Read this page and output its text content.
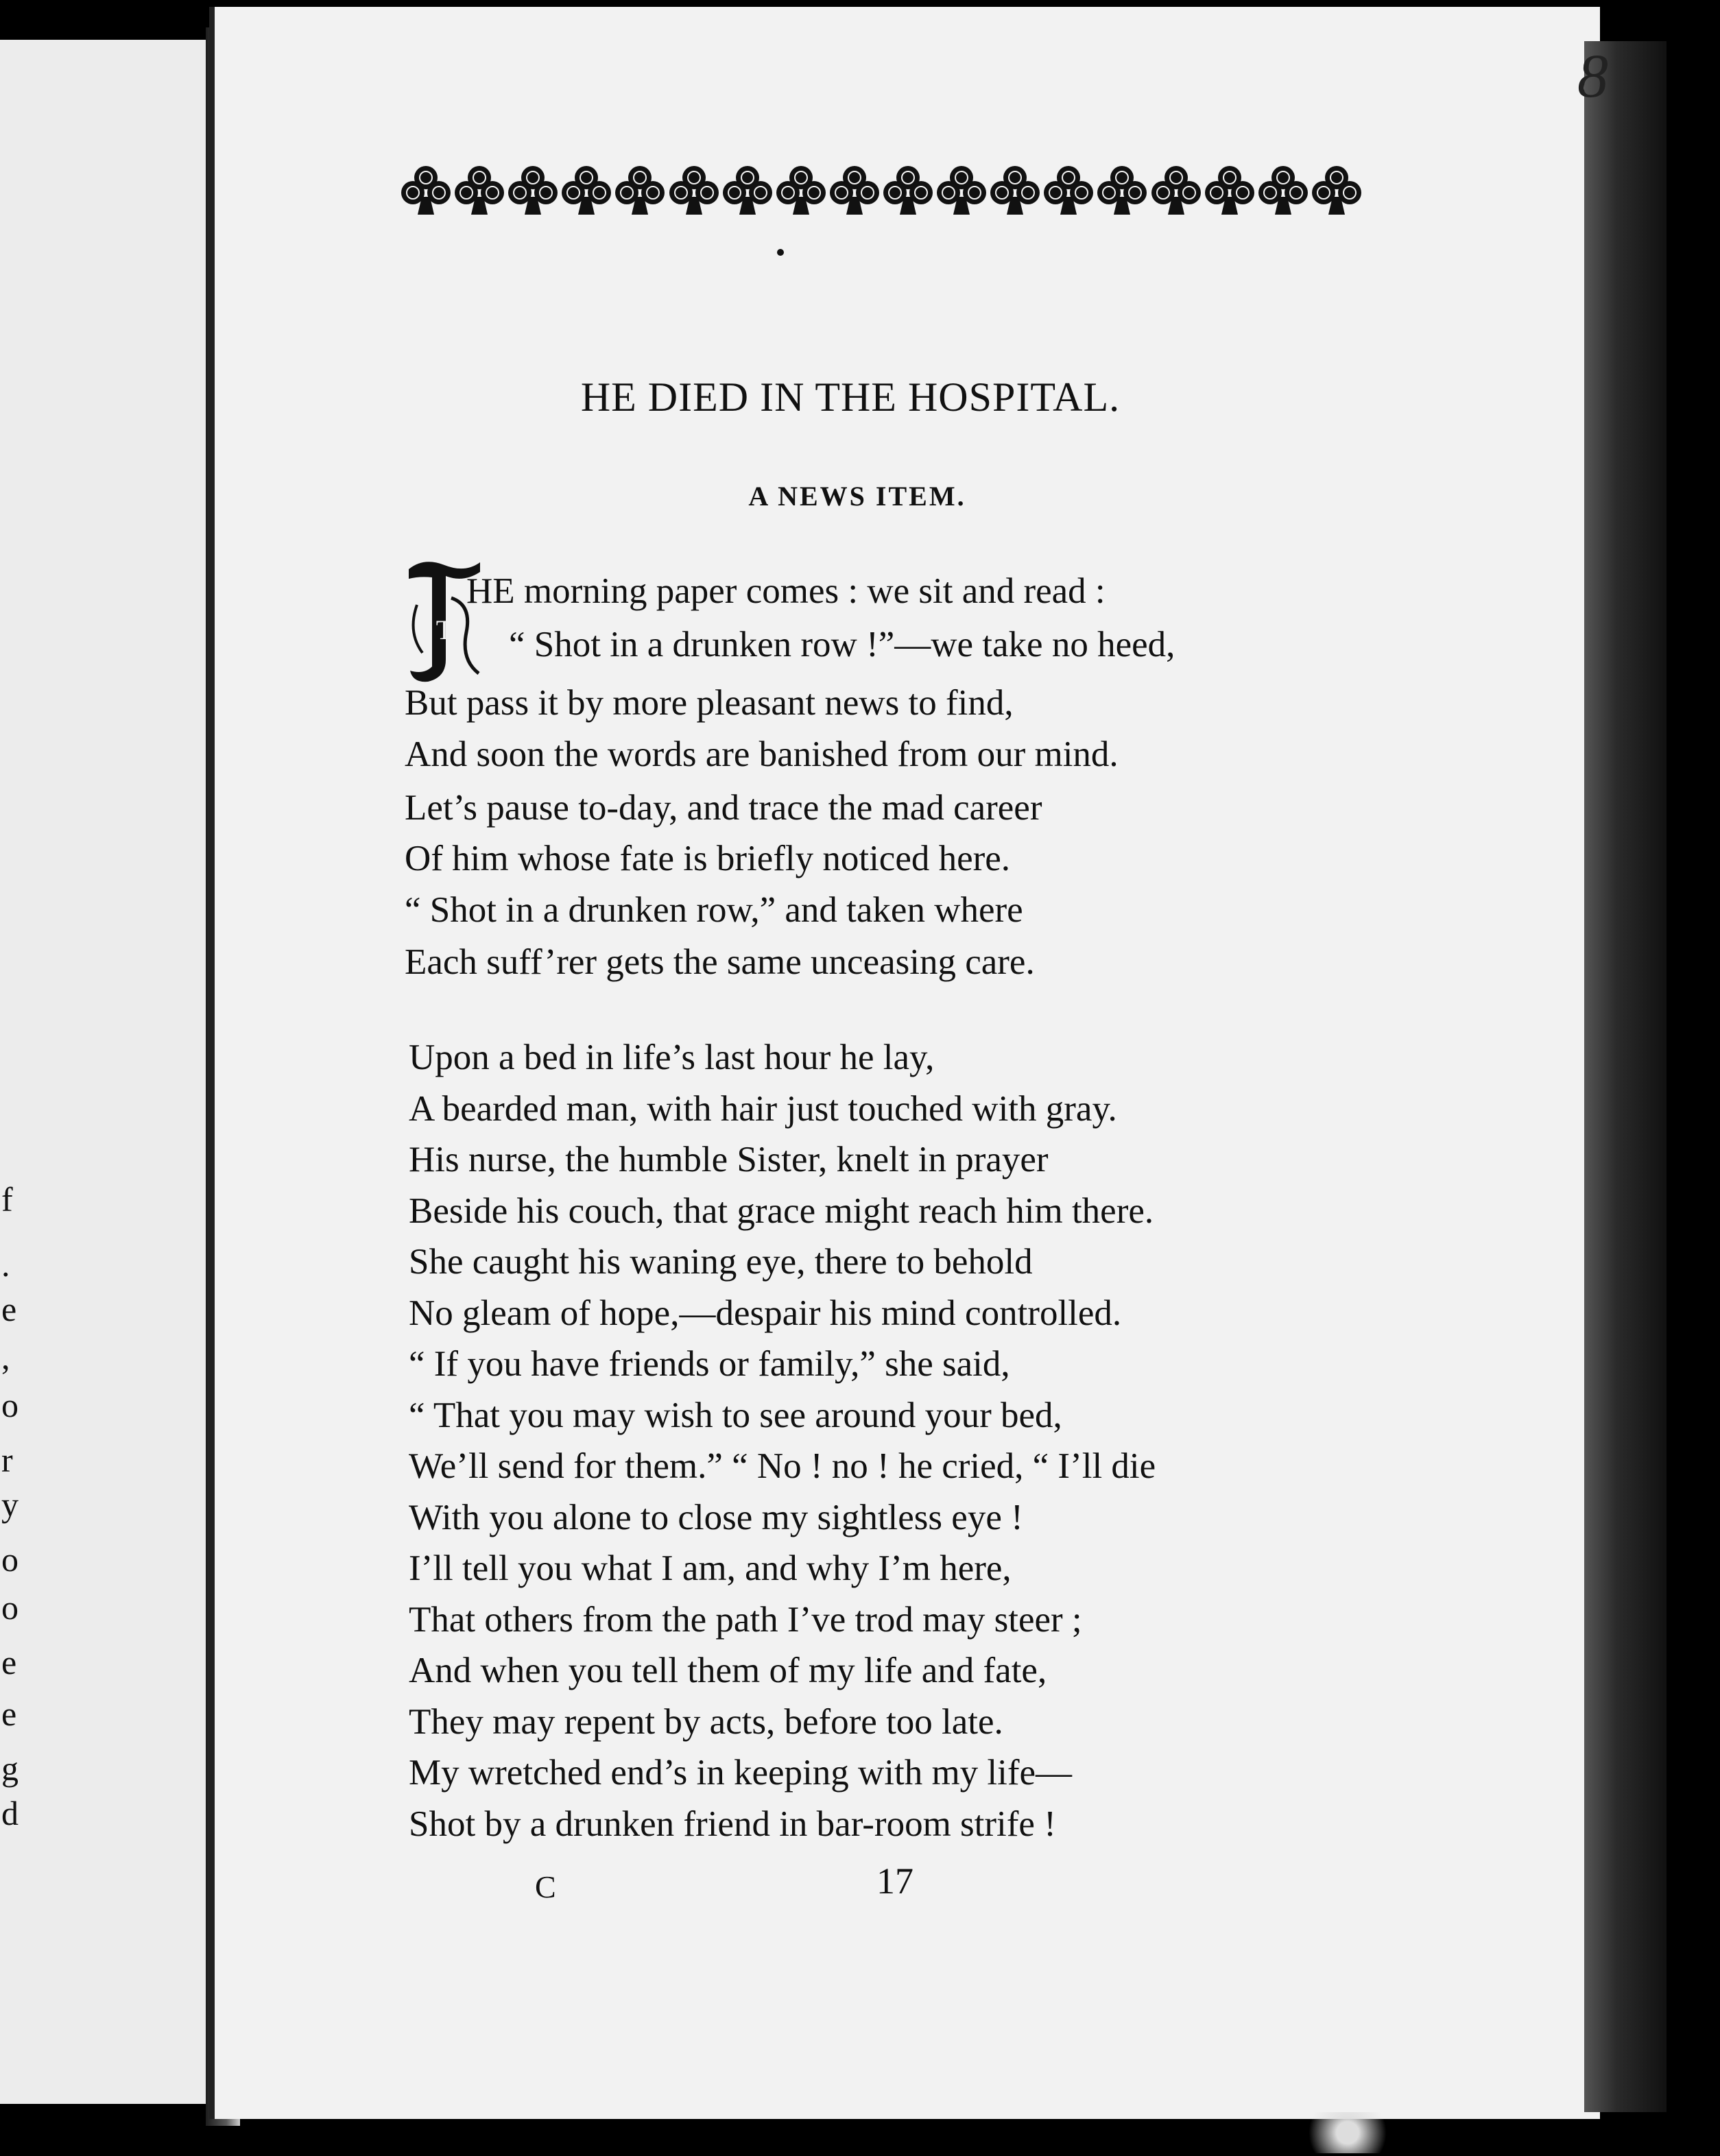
8
f
.
e
,
o
r
y
o
o
e
e
g
d
HE DIED IN THE HOSPITAL.
A NEWS ITEM.
T
HE morning paper comes : we sit and read :
“ Shot in a drunken row !”—we take no heed,
But pass it by more pleasant news to find,
And soon the words are banished from our mind.
Let’s pause to-day, and trace the mad career
Of him whose fate is briefly noticed here.
“ Shot in a drunken row,” and taken where
Each suff’rer gets the same unceasing care.
Upon a bed in life’s last hour he lay,
A bearded man, with hair just touched with gray.
His nurse, the humble Sister, knelt in prayer
Beside his couch, that grace might reach him there.
She caught his waning eye, there to behold
No gleam of hope,—despair his mind controlled.
“ If you have friends or family,” she said,
“ That you may wish to see around your bed,
We’ll send for them.” “ No ! no ! he cried, “ I’ll die
With you alone to close my sightless eye !
I’ll tell you what I am, and why I’m here,
That others from the path I’ve trod may steer ;
And when you tell them of my life and fate,
They may repent by acts, before too late.
My wretched end’s in keeping with my life—
Shot by a drunken friend in bar-room strife !
C	17
